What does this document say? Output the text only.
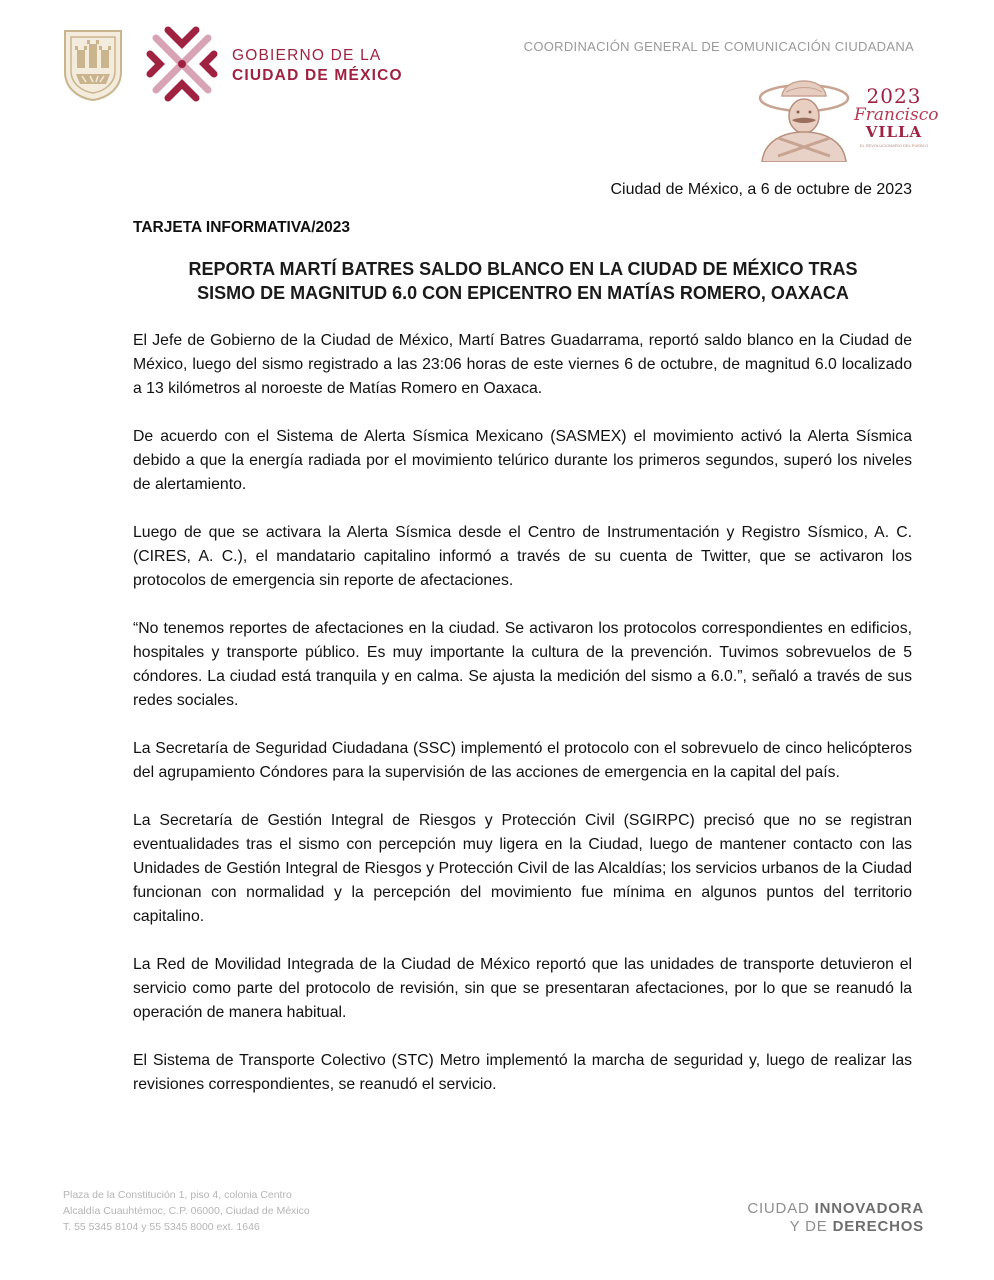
GOBIERNO DE LA
CIUDAD DE MÉXICO
COORDINACIÓN GENERAL DE COMUNICACIÓN CIUDADANA
2023
Francisco
VILLA
EL REVOLUCIONARIO DEL PUEBLO
Ciudad de México, a 6 de octubre de 2023
TARJETA INFORMATIVA/2023
REPORTA MARTÍ BATRES SALDO BLANCO EN LA CIUDAD DE MÉXICO TRAS
SISMO DE MAGNITUD 6.0 CON EPICENTRO EN MATÍAS ROMERO, OAXACA

El Jefe de Gobierno de la Ciudad de México, Martí Batres Guadarrama, reportó saldo blanco en la Ciudad de México, luego del sismo registrado a las 23:06 horas de este viernes 6 de octubre, de magnitud 6.0 localizado a 13 kilómetros al noroeste de Matías Romero en Oaxaca.

De acuerdo con el Sistema de Alerta Sísmica Mexicano (SASMEX) el movimiento activó la Alerta Sísmica debido a que la energía radiada por el movimiento telúrico durante los primeros segundos, superó los niveles de alertamiento.

Luego de que se activara la Alerta Sísmica desde el Centro de Instrumentación y Registro Sísmico, A. C. (CIRES, A. C.), el mandatario capitalino informó a través de su cuenta de Twitter, que se activaron los protocolos de emergencia sin reporte de afectaciones.

“No tenemos reportes de afectaciones en la ciudad. Se activaron los protocolos correspondientes en edificios, hospitales y transporte público. Es muy importante la cultura de la prevención. Tuvimos sobrevuelos de 5 cóndores. La ciudad está tranquila y en calma. Se ajusta la medición del sismo a 6.0.”, señaló a través de sus redes sociales.

La Secretaría de Seguridad Ciudadana (SSC) implementó el protocolo con el sobrevuelo de cinco helicópteros del agrupamiento Cóndores para la supervisión de las acciones de emergencia en la capital del país.

La Secretaría de Gestión Integral de Riesgos y Protección Civil (SGIRPC) precisó que no se registran eventualidades tras el sismo con percepción muy ligera en la Ciudad, luego de mantener contacto con las Unidades de Gestión Integral de Riesgos y Protección Civil de las Alcaldías; los servicios urbanos de la Ciudad funcionan con normalidad y la percepción del movimiento fue mínima en algunos puntos del territorio capitalino.

La Red de Movilidad Integrada de la Ciudad de México reportó que las unidades de transporte detuvieron el servicio como parte del protocolo de revisión, sin que se presentaran afectaciones, por lo que se reanudó la operación de manera habitual.

El Sistema de Transporte Colectivo (STC) Metro implementó la marcha de seguridad y, luego de realizar las revisiones correspondientes, se reanudó el servicio.

Plaza de la Constitución 1, piso 4, colonia Centro
Alcaldía Cuauhtémoc, C.P. 06000, Ciudad de México
T. 55 5345 8104 y 55 5345 8000 ext. 1646
CIUDAD INNOVADORA
Y DE DERECHOS
